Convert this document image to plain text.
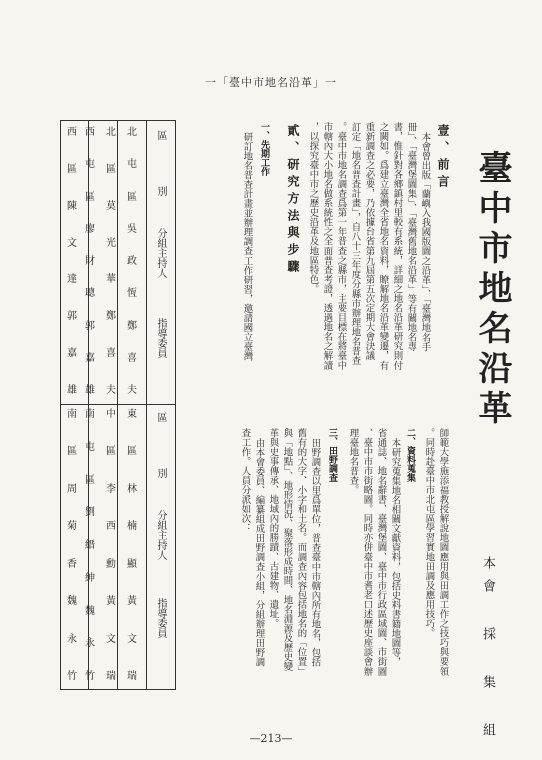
一「臺中市地名沿革」一
臺中市地名沿革
本會 採 集 組
壹、前言
本會曾出版「蘭嶼入我國版圖之沿革」、「臺灣地名手
冊」、「臺灣堡圖集」、「臺灣舊地名沿革」等有關地名專
書，惟針對各鄉鎮村里較有系統，詳細之地名沿革研究則付
之闕如。爲建立臺灣全省地名資料，瞭解地名沿革變遷，有
重新調查之必要，乃依據台省第九屆第五次定期大會決議
訂定「地名普查計畫」，自八十三年度分縣市辦理地名普查
。臺中市地名調查爲第一年普查之縣市，主要目標在將臺中
市轄內大小地名做系統性之全面普查考證，透過地名之解讀
，以探究臺中市之歷史沿革及地區特色。
貳、研究方法與步驟
一、先期工作
研訂地名普查計畫並辦理調查工作研習，邀請國立臺灣
師範大學施添福教授解說地圖應用與田調工作之技巧與要領
。同時赴臺中市北屯區學習實地田調及應用技巧。
二、資料蒐集
本研究蒐集地名相關文獻資料，包括史料書籍地圖等，
省通誌、地名辭書、臺灣堡圖、臺中市行政區域圖、市街圖
、臺中市市街略圖。同時亦併臺中市耆老口述歷史座談會辦
理臺地名普查。
三、田野調查
田野調查以里爲單位，普查臺中市轄內所有地名，包括
舊有的大字、小字和土名。而調查內容包括地名的「位置」
與「地點」、地形情況、聚落形成時間、地名淵源及歷史變
革與史事傳承、地域內的勝蹟、古建物、遺址。
由本會委員、編纂組成田野調查小組，分組辦理田野調
查工作。人員分派如次：
區
別
分組主持人
指導委員
區
別
分組主持人
指導委員
北
屯
區
吳
政
恆
鄭
喜
夫
北
區
莫
光
華
鄭
喜
夫
西
屯
區
廖
財
聰
郭
嘉
雄
西
區
陳
文
達
郭
嘉
雄
東
區
林
楠
顯
黃
文
瑞
中
區
李
西
勳
黃
文
瑞
南
屯
區
劉
縉
紳
魏
永
竹
南
區
周
菊
香
魏
永
竹
—213—
